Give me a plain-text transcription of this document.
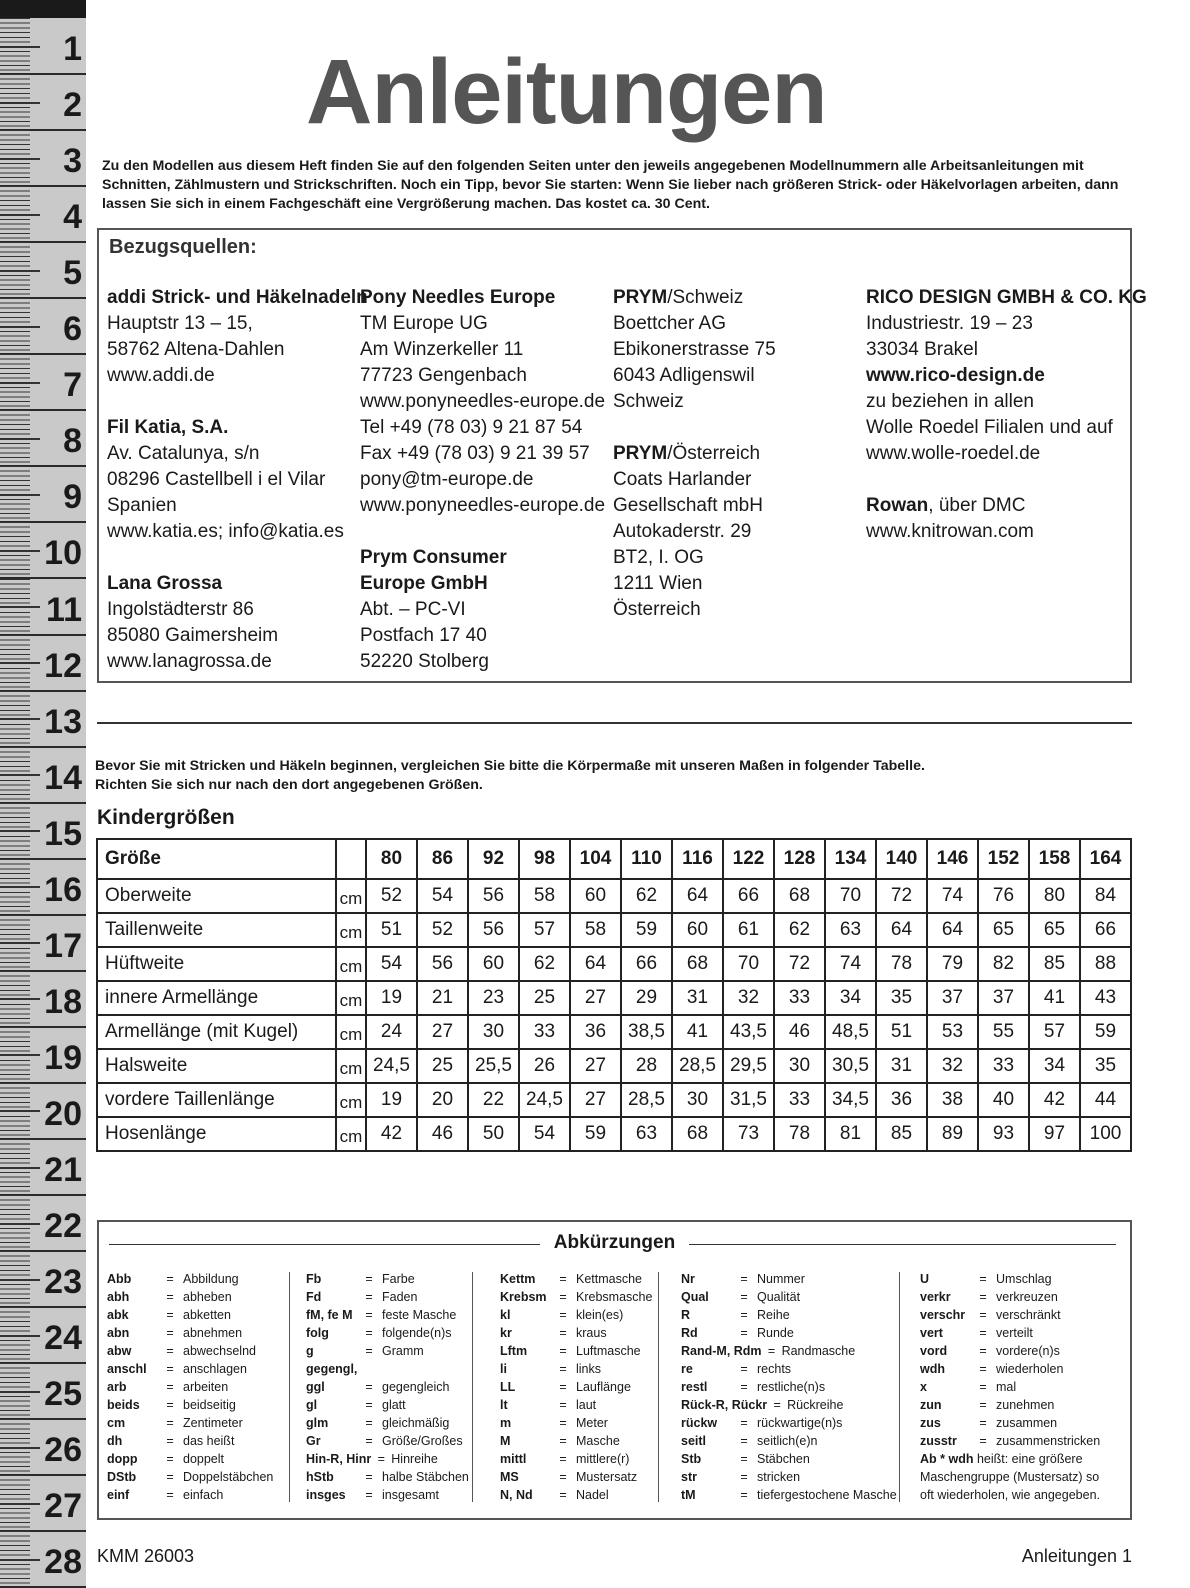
1
2
3
4
5
6
7
8
9
10
11
12
13
14
15
16
17
18
19
20
21
22
23
24
25
26
27
28
Anleitungen
Zu den Modellen aus diesem Heft finden Sie auf den folgenden Seiten unter den jeweils angegebenen Modellnummern alle Arbeitsanleitungen mit Schnitten, Zählmustern und Strickschriften. Noch ein Tipp, bevor Sie starten: Wenn Sie lieber nach größeren Strick- oder Häkelvorlagen arbeiten, dann lassen Sie sich in einem Fachgeschäft eine Vergrößerung machen. Das kostet ca. 30 Cent.
Bezugsquellen:
addi Strick- und Häkelnadeln
Hauptstr 13 – 15,
58762 Altena-Dahlen
www.addi.de
Fil Katia, S.A.
Av. Catalunya, s/n
08296 Castellbell i el Vilar
Spanien
www.katia.es; info@katia.es
Lana Grossa
Ingolstädterstr 86
85080 Gaimersheim
www.lanagrossa.de
Pony Needles Europe
TM Europe UG
Am Winzerkeller 11
77723 Gengenbach
www.ponyneedles-europe.de
Tel +49 (78 03) 9 21 87 54
Fax +49 (78 03) 9 21 39 57
pony@tm-europe.de
www.ponyneedles-europe.de
Prym Consumer
Europe GmbH
Abt. – PC-VI
Postfach 17 40
52220 Stolberg
PRYM/Schweiz
Boettcher AG
Ebikonerstrasse 75
6043 Adligenswil
Schweiz
PRYM/Österreich
Coats Harlander
Gesellschaft mbH
Autokaderstr. 29
BT2, I. OG
1211 Wien
Österreich
RICO DESIGN GMBH & CO. KG
Industriestr. 19 – 23
33034 Brakel
www.rico-design.de
zu beziehen in allen
Wolle Roedel Filialen und auf
www.wolle-roedel.de
Rowan, über DMC
www.knitrowan.com
Bevor Sie mit Stricken und Häkeln beginnen, vergleichen Sie bitte die Körpermaße mit unseren Maßen in folgender Tabelle.
Richten Sie sich nur nach den dort angegebenen Größen.
Kindergrößen
Größe		80	86	92	98	104	110	116	122	128	134	140	146	152	158	164
Oberweite	cm	52	54	56	58	60	62	64	66	68	70	72	74	76	80	84
Taillenweite	cm	51	52	56	57	58	59	60	61	62	63	64	64	65	65	66
Hüftweite	cm	54	56	60	62	64	66	68	70	72	74	78	79	82	85	88
innere Armellänge	cm	19	21	23	25	27	29	31	32	33	34	35	37	37	41	43
Armellänge (mit Kugel)	cm	24	27	30	33	36	38,5	41	43,5	46	48,5	51	53	55	57	59
Halsweite	cm	24,5	25	25,5	26	27	28	28,5	29,5	30	30,5	31	32	33	34	35
vordere Taillenlänge	cm	19	20	22	24,5	27	28,5	30	31,5	33	34,5	36	38	40	42	44
Hosenlänge	cm	42	46	50	54	59	63	68	73	78	81	85	89	93	97	100
Abkürzungen
Abb	= Abbildung
abh	= abheben
abk	= abketten
abn	= abnehmen
abw	= abwechselnd
anschl = anschlagen
arb	= arbeiten
beids = beidseitig
cm	= Zentimeter
dh	= das heißt
dopp = doppelt
DStb = Doppelstäbchen
einf	= einfach
Fb	= Farbe
Fd	= Faden
fM, fe M = feste Masche
folg	= folgende(n)s
g	= Gramm
gegengl,
ggl	= gegengleich
gl	= glatt
glm	= gleichmäßig
Gr	= Größe/Großes
Hin-R, Hinr = Hinreihe
hStb	= halbe Stäbchen
insges = insgesamt
Kettm = Kettmasche
Krebsm = Krebsmasche
kl	= klein(es)
kr	= kraus
Lftm	= Luftmasche
li	= links
LL	= Lauflänge
lt	= laut
m	= Meter
M	= Masche
mittl	= mittlere(r)
MS	= Mustersatz
N, Nd = Nadel
Nr	= Nummer
Qual	= Qualität
R	= Reihe
Rd	= Runde
Rand-M, Rdm = Randmasche
re	= rechts
restl	= restliche(n)s
Rück-R, Rückr = Rückreihe
rückw = rückwartige(n)s
seitl	= seitlich(e)n
Stb	= Stäbchen
str	= stricken
tM	= tiefergestochene Masche
U	= Umschlag
verkr = verkreuzen
verschr = verschränkt
vert	= verteilt
vord	= vordere(n)s
wdh	= wiederholen
x	= mal
zun	= zunehmen
zus	= zusammen
zusstr = zusammenstricken
Ab * wdh heißt: eine größere
Maschengruppe (Mustersatz) so
oft wiederholen, wie angegeben.
KMM 26003	Anleitungen 1
